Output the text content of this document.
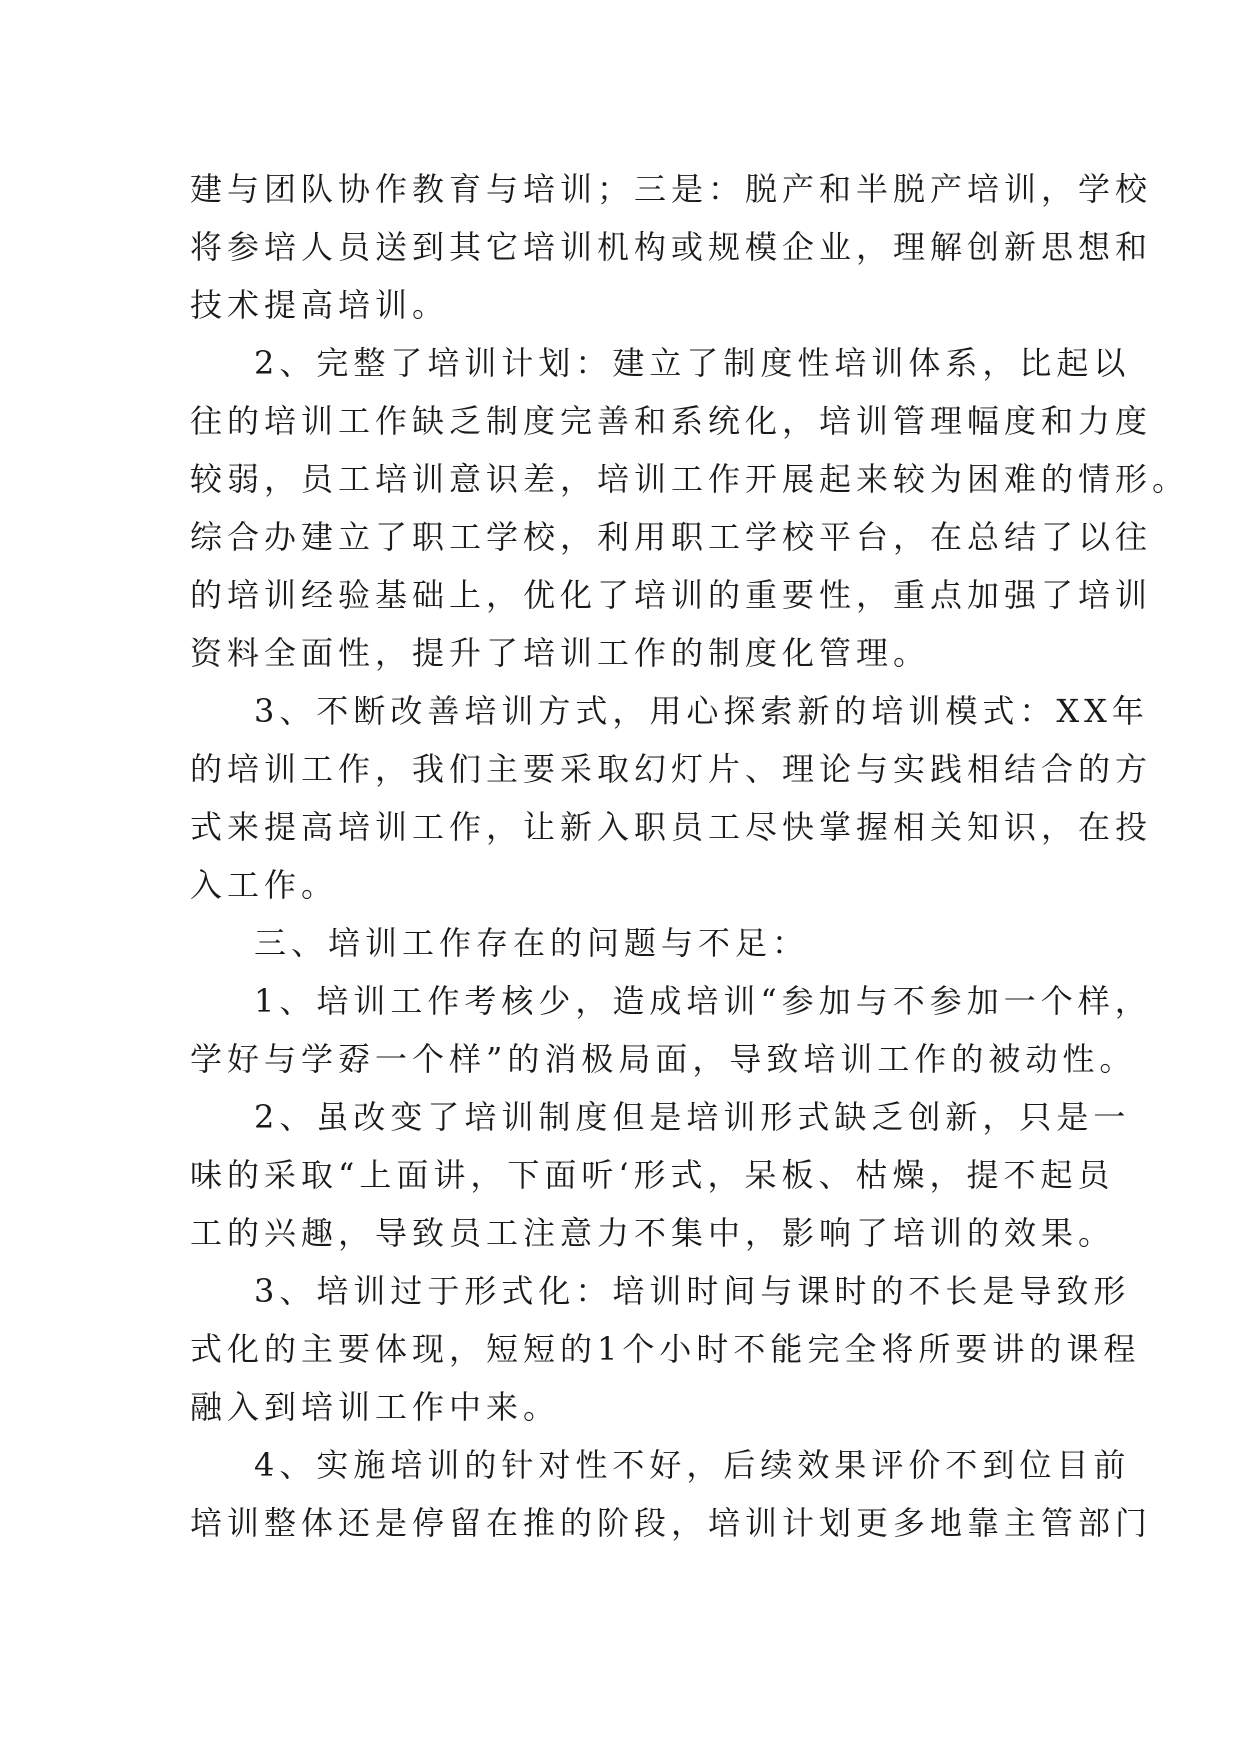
建与团队协作教育与培训；三是：脱产和半脱产培训，学校
将参培人员送到其它培训机构或规模企业，理解创新思想和
技术提高培训。
2、完整了培训计划：建立了制度性培训体系，比起以
往的培训工作缺乏制度完善和系统化，培训管理幅度和力度
较弱，员工培训意识差，培训工作开展起来较为困难的情形。
综合办建立了职工学校，利用职工学校平台，在总结了以往
的培训经验基础上，优化了培训的重要性，重点加强了培训
资料全面性，提升了培训工作的制度化管理。
3、不断改善培训方式，用心探索新的培训模式：XX年
的培训工作，我们主要采取幻灯片、理论与实践相结合的方
式来提高培训工作，让新入职员工尽快掌握相关知识，在投
入工作。
三、培训工作存在的问题与不足：
1、培训工作考核少，造成培训“参加与不参加一个样，
学好与学孬一个样”的消极局面，导致培训工作的被动性。
2、虽改变了培训制度但是培训形式缺乏创新，只是一
味的采取“上面讲，下面听‘形式，呆板、枯燥，提不起员
工的兴趣，导致员工注意力不集中，影响了培训的效果。
3、培训过于形式化：培训时间与课时的不长是导致形
式化的主要体现，短短的1个小时不能完全将所要讲的课程
融入到培训工作中来。
4、实施培训的针对性不好，后续效果评价不到位目前
培训整体还是停留在推的阶段，培训计划更多地靠主管部门
